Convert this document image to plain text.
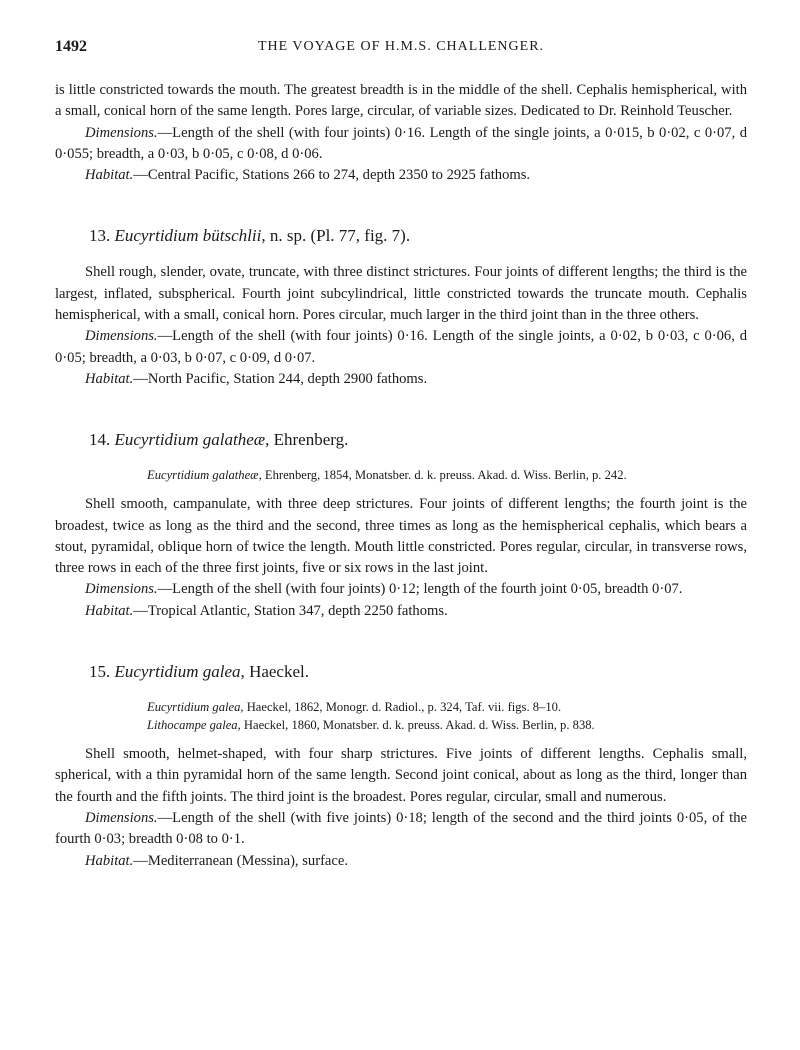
1492	THE VOYAGE OF H.M.S. CHALLENGER.

is little constricted towards the mouth. The greatest breadth is in the middle of the shell. Cephalis hemispherical, with a small, conical horn of the same length. Pores large, circular, of variable sizes. Dedicated to Dr. Reinhold Teuscher.

Dimensions.—Length of the shell (with four joints) 0·16. Length of the single joints, a 0·015, b 0·02, c 0·07, d 0·055; breadth, a 0·03, b 0·05, c 0·08, d 0·06.

Habitat.—Central Pacific, Stations 266 to 274, depth 2350 to 2925 fathoms.

13. Eucyrtidium bütschlii, n. sp. (Pl. 77, fig. 7).

Shell rough, slender, ovate, truncate, with three distinct strictures. Four joints of different lengths; the third is the largest, inflated, subspherical. Fourth joint subcylindrical, little constricted towards the truncate mouth. Cephalis hemispherical, with a small, conical horn. Pores circular, much larger in the third joint than in the three others.

Dimensions.—Length of the shell (with four joints) 0·16. Length of the single joints, a 0·02, b 0·03, c 0·06, d 0·05; breadth, a 0·03, b 0·07, c 0·09, d 0·07.

Habitat.—North Pacific, Station 244, depth 2900 fathoms.

14. Eucyrtidium galatheæ, Ehrenberg.
Eucyrtidium galatheæ, Ehrenberg, 1854, Monatsber. d. k. preuss. Akad. d. Wiss. Berlin, p. 242.

Shell smooth, campanulate, with three deep strictures. Four joints of different lengths; the fourth joint is the broadest, twice as long as the third and the second, three times as long as the hemispherical cephalis, which bears a stout, pyramidal, oblique horn of twice the length. Mouth little constricted. Pores regular, circular, in transverse rows, three rows in each of the three first joints, five or six rows in the last joint.

Dimensions.—Length of the shell (with four joints) 0·12; length of the fourth joint 0·05, breadth 0·07.

Habitat.—Tropical Atlantic, Station 347, depth 2250 fathoms.

15. Eucyrtidium galea, Haeckel.
Eucyrtidium galea, Haeckel, 1862, Monogr. d. Radiol., p. 324, Taf. vii. figs. 8–10.
Lithocampe galea, Haeckel, 1860, Monatsber. d. k. preuss. Akad. d. Wiss. Berlin, p. 838.

Shell smooth, helmet-shaped, with four sharp strictures. Five joints of different lengths. Cephalis small, spherical, with a thin pyramidal horn of the same length. Second joint conical, about as long as the third, longer than the fourth and the fifth joints. The third joint is the broadest. Pores regular, circular, small and numerous.

Dimensions.—Length of the shell (with five joints) 0·18; length of the second and the third joints 0·05, of the fourth 0·03; breadth 0·08 to 0·1.

Habitat.—Mediterranean (Messina), surface.
